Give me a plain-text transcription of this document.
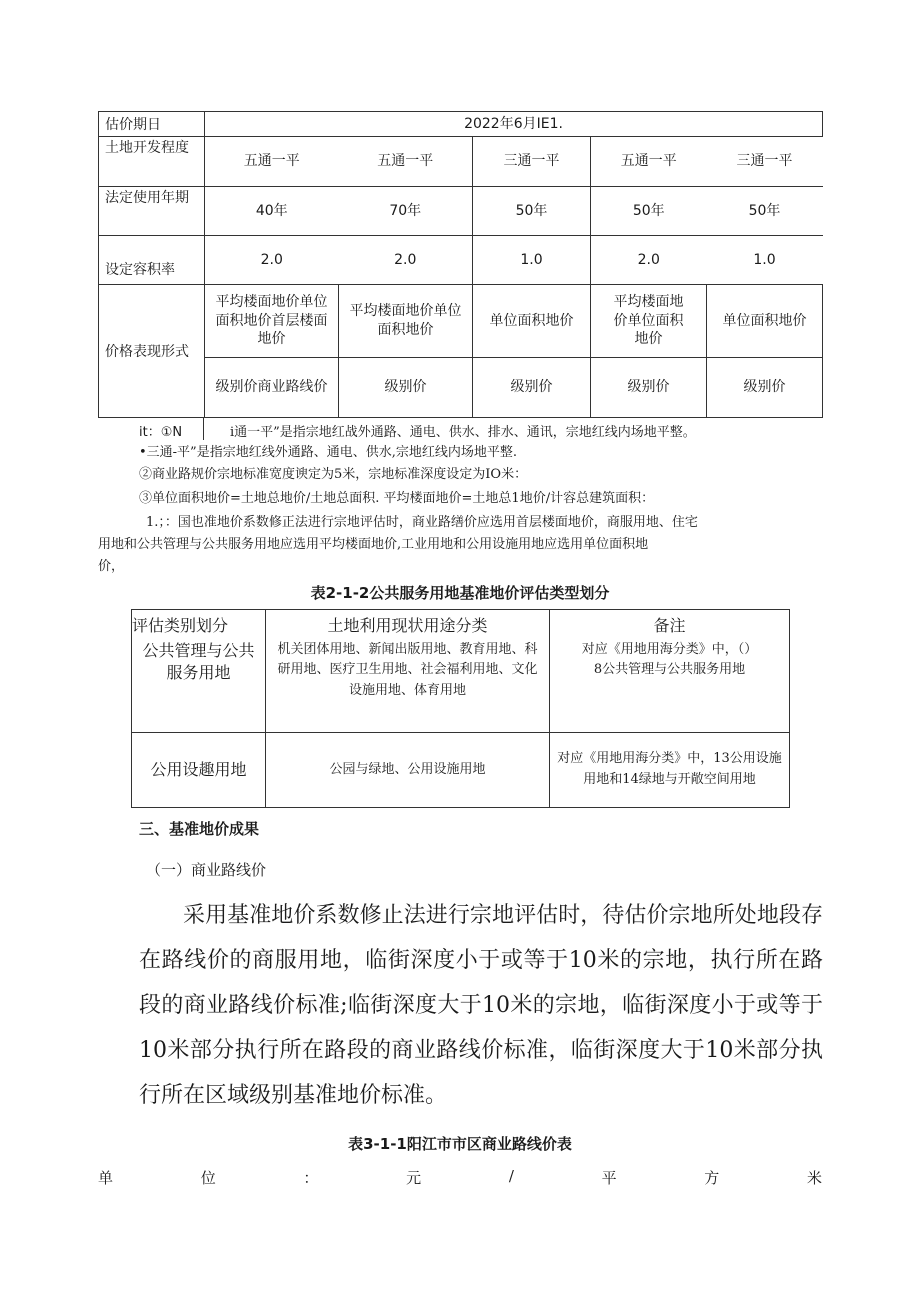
估价期日	2022年6月IE1.				
土地开发程度	五通一平	五通一平	三通一平	五通一平	三通一平
法定使用年期	40年	70年	50年	50年	50年
设定容积率	2.0	2.0	1.0	2.0	1.0
价格表现形式	平均楼面地价单位面积地价首层楼面地价	平均楼面地价单位面积地价	单位面积地价	平均楼面地价单位面积地价	单位面积地价
	级别价商业路线价	级别价	级别价	级别价	级别价
it：①N	i通一平”是指宗地红战外通路、通电、供水、排水、通讯，宗地红线内场地平整。
•三通-平”是指宗地红线外通路、通电、供水,宗地红线内场地平整.
②商业路规价宗地标准宽度谀定为5米，宗地标准深度设定为IO米：
③单位面积地价=土地总地价/土地总面积. 平均楼面地价=土地总1地价/计容总建筑面积：
1.；：国也准地价系数修正法进行宗地评估时，商业路缮价应选用首层楼面地价，商服用地、住宅
用地和公共管理与公共服务用地应选用平均楼面地价,工业用地和公用设施用地应选用单位面积地
价，
表2-1-2公共服务用地基准地价评估类型划分
评估类别划分	土地利用现状用途分类	备注
公共管理与公共服务用地	机关团体用地、新闻出版用地、教育用地、科研用地、医疗卫生用地、社会福利用地、文化设施用地、体育用地	对应《用地用海分类》中，（）8公共管理与公共服务用地
公用设趣用地	公园与绿地、公用设施用地	对应《用地用海分类》中，13公用设施用地和14绿地与开敞空间用地
三、基准地价成果
（一）商业路线价
采用基准地价系数修止法进行宗地评估时，待估价宗地所处地段存在路线价的商服用地，临街深度小于或等于10米的宗地，执行所在路段的商业路线价标准;临街深度大于10米的宗地，临街深度小于或等于10米部分执行所在路段的商业路线价标准，临街深度大于10米部分执行所在区域级别基准地价标准。
表3-1-1阳江市市区商业路线价表
单	位	：	元	/	平	方	米
